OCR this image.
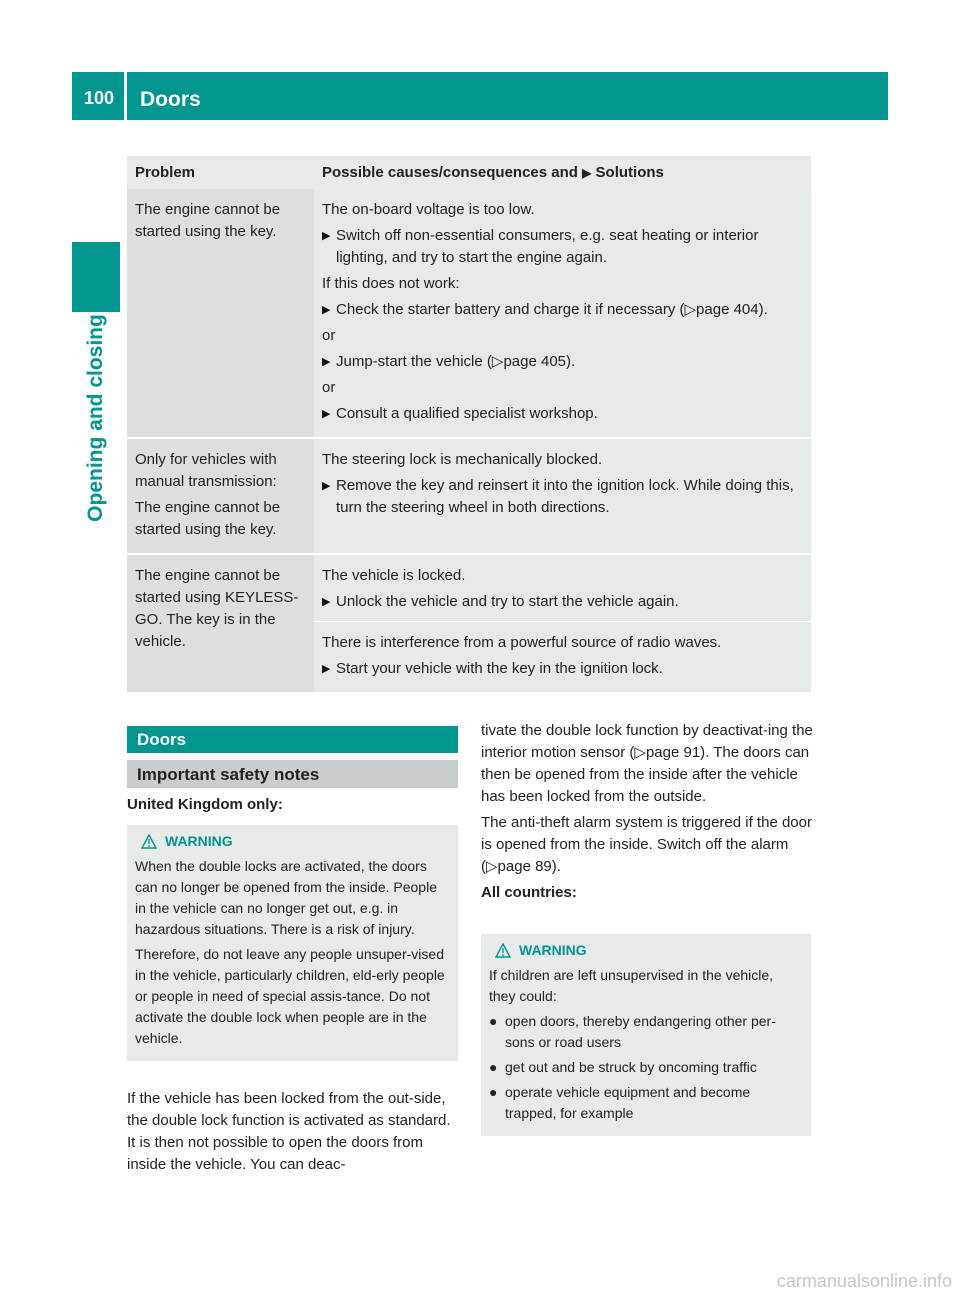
100 Doors
Opening and closing
Problem	Possible causes/consequences and ▶ Solutions

The engine cannot be started using the key.

The on-board voltage is too low.

▶ Switch off non-essential consumers, e.g. seat heating or interior lighting, and try to start the engine again.

If this does not work:

▶ Check the starter battery and charge it if necessary (▷page 404).

or

▶ Jump-start the vehicle (▷page 405).

or

▶ Consult a qualified specialist workshop.

Only for vehicles with manual transmission:

The engine cannot be started using the key.

The steering lock is mechanically blocked.

▶ Remove the key and reinsert it into the ignition lock. While doing this, turn the steering wheel in both directions.

The engine cannot be started using KEYLESS-GO. The key is in the vehicle.

The vehicle is locked.

▶ Unlock the vehicle and try to start the vehicle again.

There is interference from a powerful source of radio waves.

▶ Start your vehicle with the key in the ignition lock.
Doors
Important safety notes
United Kingdom only:
WARNING

When the double locks are activated, the doors can no longer be opened from the inside. People in the vehicle can no longer get out, e.g. in hazardous situations. There is a risk of injury.

Therefore, do not leave any people unsuper-vised in the vehicle, particularly children, eld-erly people or people in need of special assis-tance. Do not activate the double lock when people are in the vehicle.

If the vehicle has been locked from the out-side, the double lock function is activated as standard. It is then not possible to open the doors from inside the vehicle. You can deac-

tivate the double lock function by deactivat-ing the interior motion sensor (▷page 91). The doors can then be opened from the inside after the vehicle has been locked from the outside.

The anti-theft alarm system is triggered if the door is opened from the inside. Switch off the alarm (▷page 89).

All countries:

WARNING

If children are left unsupervised in the vehicle, they could:

● open doors, thereby endangering other per-sons or road users
● get out and be struck by oncoming traffic
● operate vehicle equipment and become trapped, for example
carmanualsonline.info
